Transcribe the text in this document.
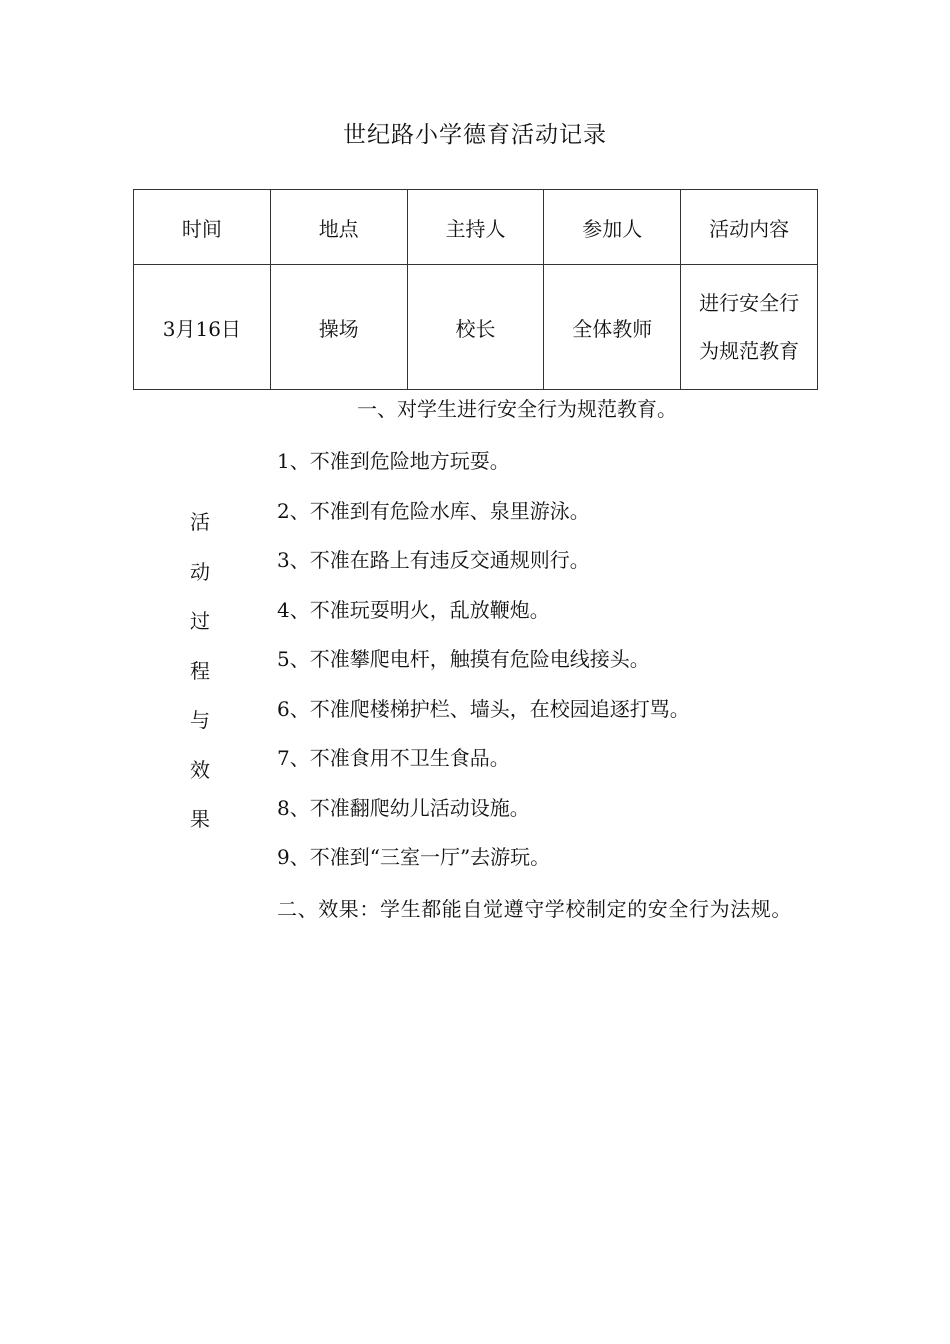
世纪路小学德育活动记录
时间	地点	主持人	参加人	活动内容
3月16日	操场	校长	全体教师	进行安全行
为规范教育
一、对学生进行安全行为规范教育。
活
动
过
程
与
效
果
1、不准到危险地方玩耍。
2、不准到有危险水库、泉里游泳。
3、不准在路上有违反交通规则行。
4、不准玩耍明火，乱放鞭炮。
5、不准攀爬电杆，触摸有危险电线接头。
6、不准爬楼梯护栏、墙头，在校园追逐打骂。
7、不准食用不卫生食品。
8、不准翻爬幼儿活动设施。
9、不准到“三室一厅”去游玩。
二、效果：学生都能自觉遵守学校制定的安全行为法规。
